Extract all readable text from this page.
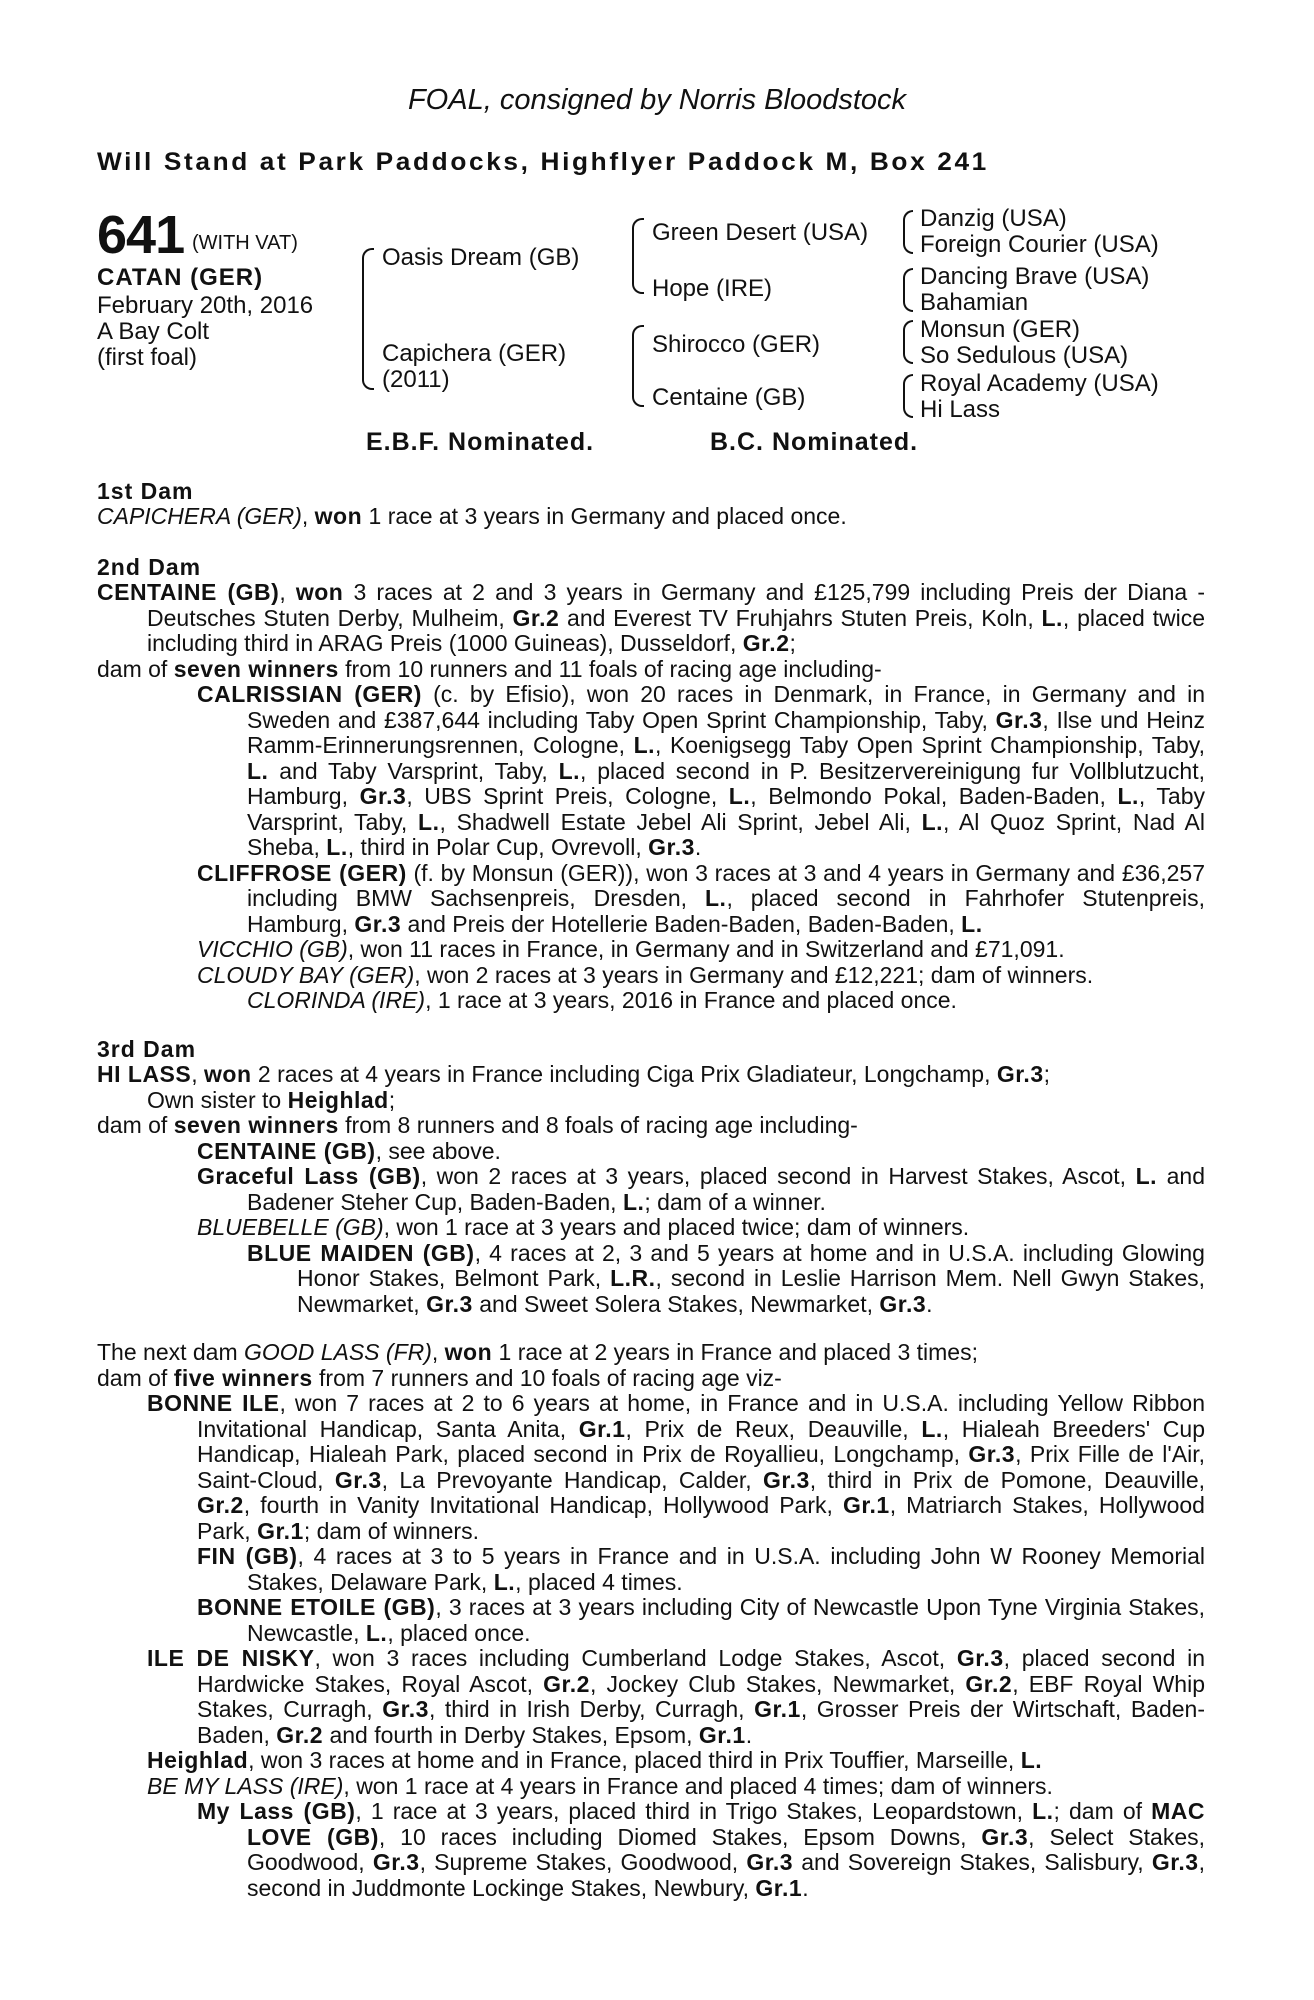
FOAL, consigned by Norris Bloodstock
Will Stand at Park Paddocks, Highflyer Paddock M, Box 241
641 (WITH VAT)
CATAN (GER)
February 20th, 2016
A Bay Colt
(first foal)
Oasis Dream (GB)
Capichera (GER)
(2011)
Green Desert (USA)
Hope (IRE)
Shirocco (GER)
Centaine (GB)
Danzig (USA)
Foreign Courier (USA)
Dancing Brave (USA)
Bahamian
Monsun (GER)
So Sedulous (USA)
Royal Academy (USA)
Hi Lass
E.B.F. Nominated.	B.C. Nominated.
1st Dam
CAPICHERA (GER), won 1 race at 3 years in Germany and placed once.
2nd Dam
CENTAINE (GB), won 3 races at 2 and 3 years in Germany and £125,799 including Preis der Diana - Deutsches Stuten Derby, Mulheim, Gr.2 and Everest TV Fruhjahrs Stuten Preis, Koln, L., placed twice including third in ARAG Preis (1000 Guineas), Dusseldorf, Gr.2;
dam of seven winners from 10 runners and 11 foals of racing age including-
CALRISSIAN (GER) (c. by Efisio), won 20 races in Denmark, in France, in Germany and in Sweden and £387,644 including Taby Open Sprint Championship, Taby, Gr.3, Ilse und Heinz Ramm-Erinnerungsrennen, Cologne, L., Koenigsegg Taby Open Sprint Championship, Taby, L. and Taby Varsprint, Taby, L., placed second in P. Besitzervereinigung fur Vollblutzucht, Hamburg, Gr.3, UBS Sprint Preis, Cologne, L., Belmondo Pokal, Baden-Baden, L., Taby Varsprint, Taby, L., Shadwell Estate Jebel Ali Sprint, Jebel Ali, L., Al Quoz Sprint, Nad Al Sheba, L., third in Polar Cup, Ovrevoll, Gr.3.
CLIFFROSE (GER) (f. by Monsun (GER)), won 3 races at 3 and 4 years in Germany and £36,257 including BMW Sachsenpreis, Dresden, L., placed second in Fahrhofer Stutenpreis, Hamburg, Gr.3 and Preis der Hotellerie Baden-Baden, Baden-Baden, L.
VICCHIO (GB), won 11 races in France, in Germany and in Switzerland and £71,091.
CLOUDY BAY (GER), won 2 races at 3 years in Germany and £12,221; dam of winners.
CLORINDA (IRE), 1 race at 3 years, 2016 in France and placed once.
3rd Dam
HI LASS, won 2 races at 4 years in France including Ciga Prix Gladiateur, Longchamp, Gr.3;
Own sister to Heighlad;
dam of seven winners from 8 runners and 8 foals of racing age including-
CENTAINE (GB), see above.
Graceful Lass (GB), won 2 races at 3 years, placed second in Harvest Stakes, Ascot, L. and Badener Steher Cup, Baden-Baden, L.; dam of a winner.
BLUEBELLE (GB), won 1 race at 3 years and placed twice; dam of winners.
BLUE MAIDEN (GB), 4 races at 2, 3 and 5 years at home and in U.S.A. including Glowing Honor Stakes, Belmont Park, L.R., second in Leslie Harrison Mem. Nell Gwyn Stakes, Newmarket, Gr.3 and Sweet Solera Stakes, Newmarket, Gr.3.
The next dam GOOD LASS (FR), won 1 race at 2 years in France and placed 3 times;
dam of five winners from 7 runners and 10 foals of racing age viz-
BONNE ILE, won 7 races at 2 to 6 years at home, in France and in U.S.A. including Yellow Ribbon Invitational Handicap, Santa Anita, Gr.1, Prix de Reux, Deauville, L., Hialeah Breeders' Cup Handicap, Hialeah Park, placed second in Prix de Royallieu, Longchamp, Gr.3, Prix Fille de l'Air, Saint-Cloud, Gr.3, La Prevoyante Handicap, Calder, Gr.3, third in Prix de Pomone, Deauville, Gr.2, fourth in Vanity Invitational Handicap, Hollywood Park, Gr.1, Matriarch Stakes, Hollywood Park, Gr.1; dam of winners.
FIN (GB), 4 races at 3 to 5 years in France and in U.S.A. including John W Rooney Memorial Stakes, Delaware Park, L., placed 4 times.
BONNE ETOILE (GB), 3 races at 3 years including City of Newcastle Upon Tyne Virginia Stakes, Newcastle, L., placed once.
ILE DE NISKY, won 3 races including Cumberland Lodge Stakes, Ascot, Gr.3, placed second in Hardwicke Stakes, Royal Ascot, Gr.2, Jockey Club Stakes, Newmarket, Gr.2, EBF Royal Whip Stakes, Curragh, Gr.3, third in Irish Derby, Curragh, Gr.1, Grosser Preis der Wirtschaft, Baden-Baden, Gr.2 and fourth in Derby Stakes, Epsom, Gr.1.
Heighlad, won 3 races at home and in France, placed third in Prix Touffier, Marseille, L.
BE MY LASS (IRE), won 1 race at 4 years in France and placed 4 times; dam of winners.
My Lass (GB), 1 race at 3 years, placed third in Trigo Stakes, Leopardstown, L.; dam of MAC LOVE (GB), 10 races including Diomed Stakes, Epsom Downs, Gr.3, Select Stakes, Goodwood, Gr.3, Supreme Stakes, Goodwood, Gr.3 and Sovereign Stakes, Salisbury, Gr.3, second in Juddmonte Lockinge Stakes, Newbury, Gr.1.
